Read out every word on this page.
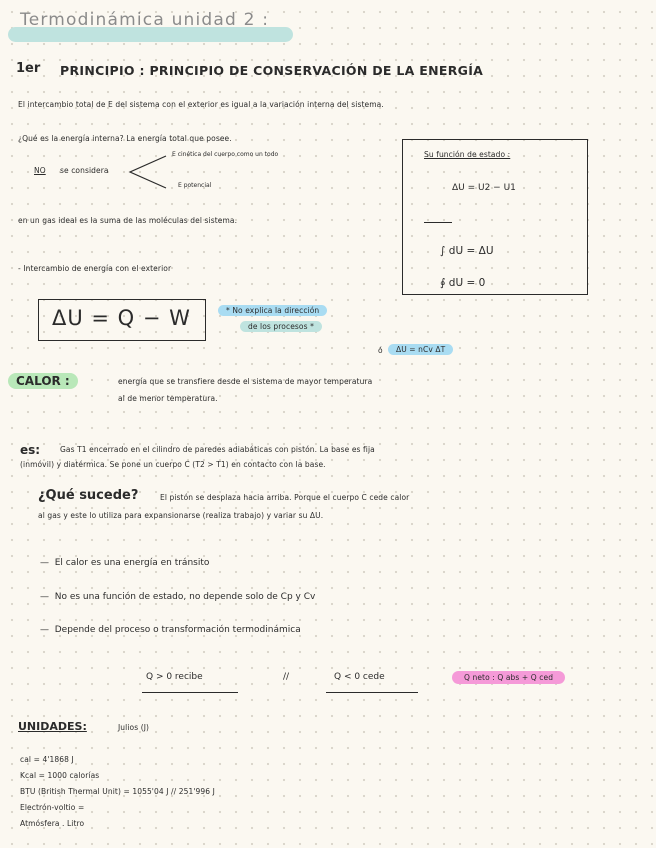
Termodinámica unidad 2 :
1er PRINCIPIO : PRINCIPIO DE CONSERVACIÓN DE LA ENERGÍA
El intercambio total de E del sistema con el exterior es igual a la variación interna del sistema.
¿Qué es la energía interna? La energía total que posee.
NO se considera
E cinética del cuerpo como un todo
E potencial
en un gas ideal es la suma de las moléculas del sistema.
- Intercambio de energía con el exterior
Su función de estado :
ΔU = U2 − U1
∫ dU = ΔU
∮ dU = 0
ΔU = Q − W	* No explica la dirección
de los procesos *
ó	ΔU = nCv ΔT
CALOR :	energía que se transfiere desde el sistema de mayor temperatura
al de menor temperatura.
es:	Gas T1 encerrado en el cilindro de paredes adiabáticas con pistón. La base es fija
(inmóvil) y diatérmica. Se pone un cuerpo C (T2 > T1) en contacto con la base.
¿Qué sucede?	El pistón se desplaza hacia arriba. Porque el cuerpo C cede calor
al gas y este lo utiliza para expansionarse (realiza trabajo) y variar su ΔU.
—  El calor es una energía en tránsito
—  No es una función de estado, no depende solo de Cp y Cv
—  Depende del proceso o transformación termodinámica
Q > 0 recibe	//	Q < 0 cede	Q neto : Q abs + Q ced
UNIDADES:	Julios (J)
cal = 4'1868 J
Kcal = 1000 calorías
BTU (British Thermal Unit) = 1055'04 J // 251'996 J
Electrón-voltio =
Atmósfera . Litro
